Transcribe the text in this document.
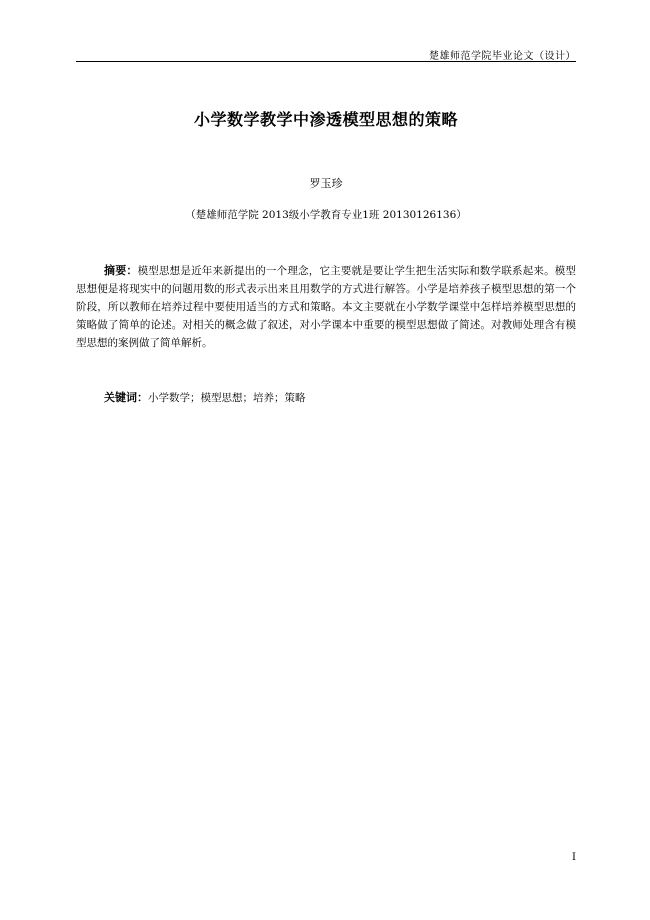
楚雄师范学院毕业论文（设计）
小学数学教学中渗透模型思想的策略
罗玉珍
（楚雄师范学院 2013级小学教育专业1班 20130126136）

摘要：模型思想是近年来新提出的一个理念，它主要就是要让学生把生活实际和数学联系起来。模型思想便是将现实中的问题用数的形式表示出来且用数学的方式进行解答。小学是培养孩子模型思想的第一个阶段，所以教师在培养过程中要使用适当的方式和策略。本文主要就在小学数学课堂中怎样培养模型思想的策略做了简单的论述。对相关的概念做了叙述，对小学课本中重要的模型思想做了简述。对教师处理含有模型思想的案例做了简单解析。

关键词：小学数学；模型思想；培养；策略

I
